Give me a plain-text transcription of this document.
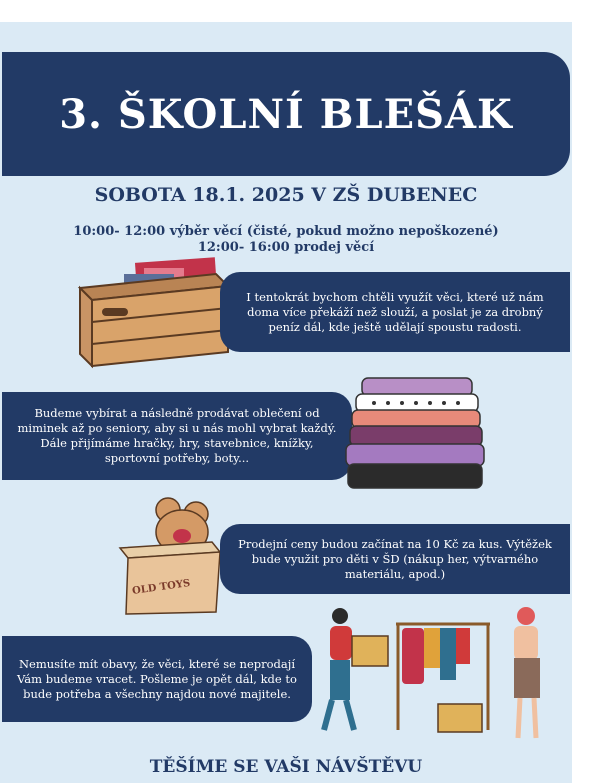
3. ŠKOLNÍ BLEŠÁK
SOBOTA 18.1. 2025 V ZŠ DUBENEC
10:00- 12:00 výběr věcí (čisté, pokud možno nepoškozené)
12:00- 16:00 prodej věcí
I tentokrát bychom chtěli využít věci, které už nám doma více překáží než slouží, a poslat je za drobný peníz dál, kde ještě udělají spoustu radosti.
Budeme vybírat a následně prodávat oblečení od miminek až po seniory, aby si u nás mohl vybrat každý. Dále přijímáme hračky, hry, stavebnice, knížky, sportovní potřeby, boty...
OLD TOYS
Prodejní ceny budou začínat na 10 Kč za kus. Výtěžek bude využit pro děti v ŠD (nákup her, výtvarného materiálu, apod.)
Nemusíte mít obavy, že věci, které se neprodají Vám budeme vracet. Pošleme je opět dál, kde to bude potřeba a všechny najdou nové majitele.
TĚŠÍME SE VAŠI NÁVŠTĚVU
